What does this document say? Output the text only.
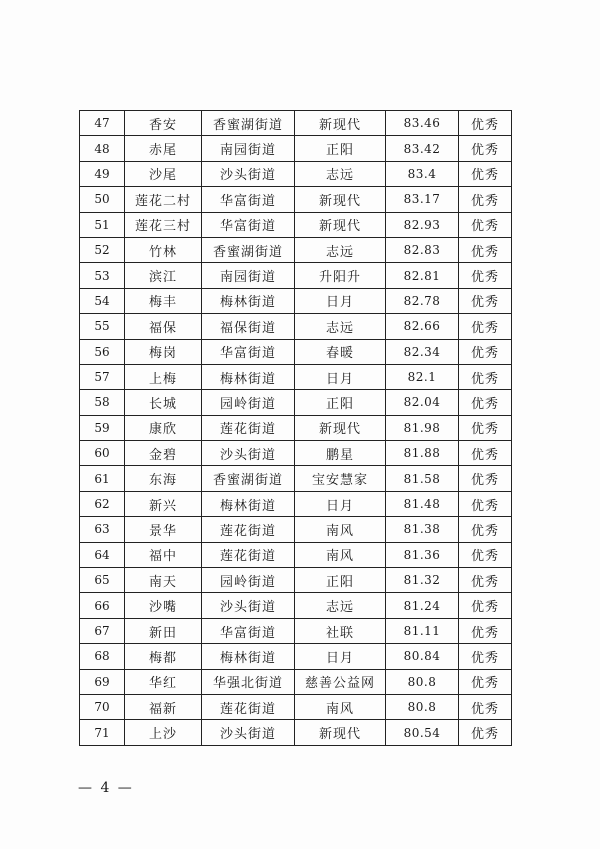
47	香安	香蜜湖街道	新现代	83.46	优秀
48	赤尾	南园街道	正阳	83.42	优秀
49	沙尾	沙头街道	志远	83.4	优秀
50	莲花二村	华富街道	新现代	83.17	优秀
51	莲花三村	华富街道	新现代	82.93	优秀
52	竹林	香蜜湖街道	志远	82.83	优秀
53	滨江	南园街道	升阳升	82.81	优秀
54	梅丰	梅林街道	日月	82.78	优秀
55	福保	福保街道	志远	82.66	优秀
56	梅岗	华富街道	春暖	82.34	优秀
57	上梅	梅林街道	日月	82.1	优秀
58	长城	园岭街道	正阳	82.04	优秀
59	康欣	莲花街道	新现代	81.98	优秀
60	金碧	沙头街道	鹏星	81.88	优秀
61	东海	香蜜湖街道	宝安慧家	81.58	优秀
62	新兴	梅林街道	日月	81.48	优秀
63	景华	莲花街道	南风	81.38	优秀
64	福中	莲花街道	南风	81.36	优秀
65	南天	园岭街道	正阳	81.32	优秀
66	沙嘴	沙头街道	志远	81.24	优秀
67	新田	华富街道	社联	81.11	优秀
68	梅都	梅林街道	日月	80.84	优秀
69	华红	华强北街道	慈善公益网	80.8	优秀
70	福新	莲花街道	南风	80.8	优秀
71	上沙	沙头街道	新现代	80.54	优秀
— 4 —
